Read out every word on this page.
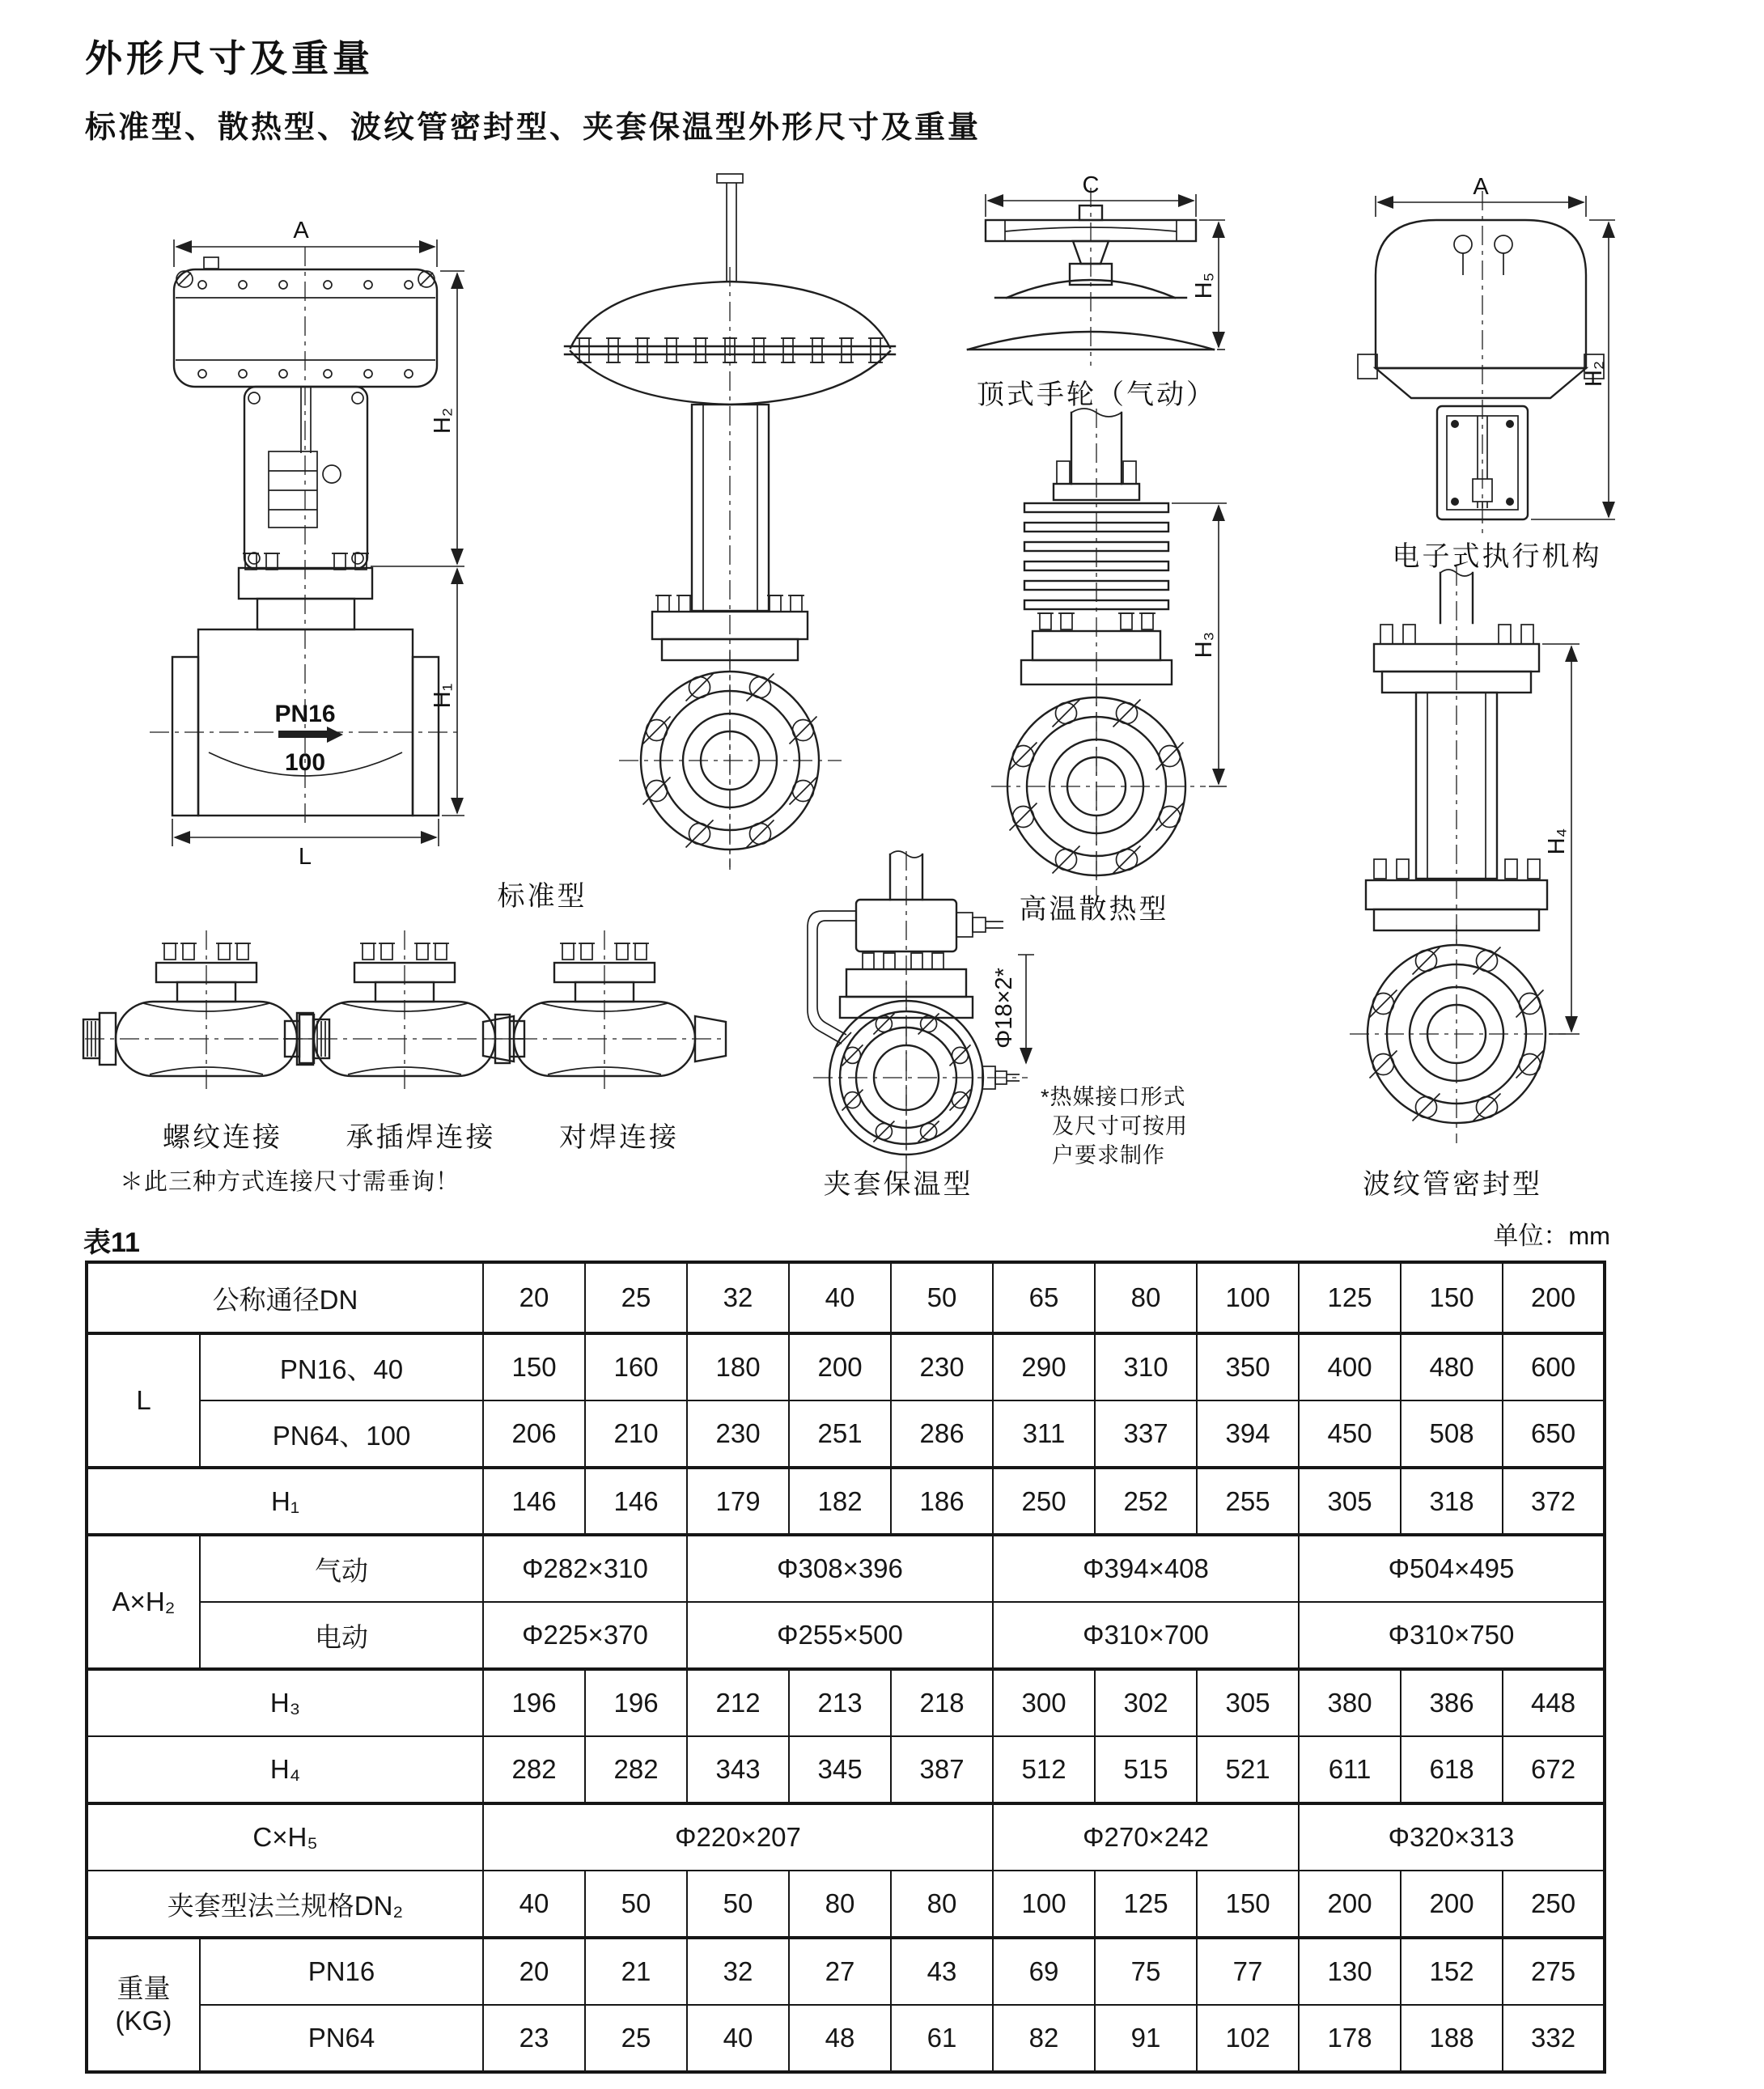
外形尺寸及重量
标准型、散热型、波纹管密封型、夹套保温型外形尺寸及重量
A
H₂
PN16
100
H₁
L
C
H₅
A
H₂
H₃
Φ18×2*
H₄
标准型
顶式手轮（气动）
电子式执行机构
高温散热型
夹套保温型	波纹管密封型
螺纹连接	承插焊连接	对焊连接
＊此三种方式连接尺寸需垂询！
*热媒接口形式
及尺寸可按用
户要求制作
表11	单位：mm
公称通径DN		20	25	32	40	50	65	80	100	125	150	200
L	PN16、40	150	160	180	200	230	290	310	350	400	480	600
	PN64、100	206	210	230	251	286	311	337	394	450	508	650
H₁		146	146	179	182	186	250	252	255	305	318	372
A×H₂	气动	Φ282×310		Φ308×396			Φ394×408			Φ504×495		
	电动	Φ225×370		Φ255×500			Φ310×700			Φ310×750		
H₃		196	196	212	213	218	300	302	305	380	386	448
H₄		282	282	343	345	387	512	515	521	611	618	672
C×H₅		Φ220×207					Φ270×242			Φ320×313		
夹套型法兰规格DN₂		40	50	50	80	80	100	125	150	200	200	250

重量
(KG)	PN16	20	21	32	27	43	69	75	77	130	152	275
	PN64	23	25	40	48	61	82	91	102	178	188	332
